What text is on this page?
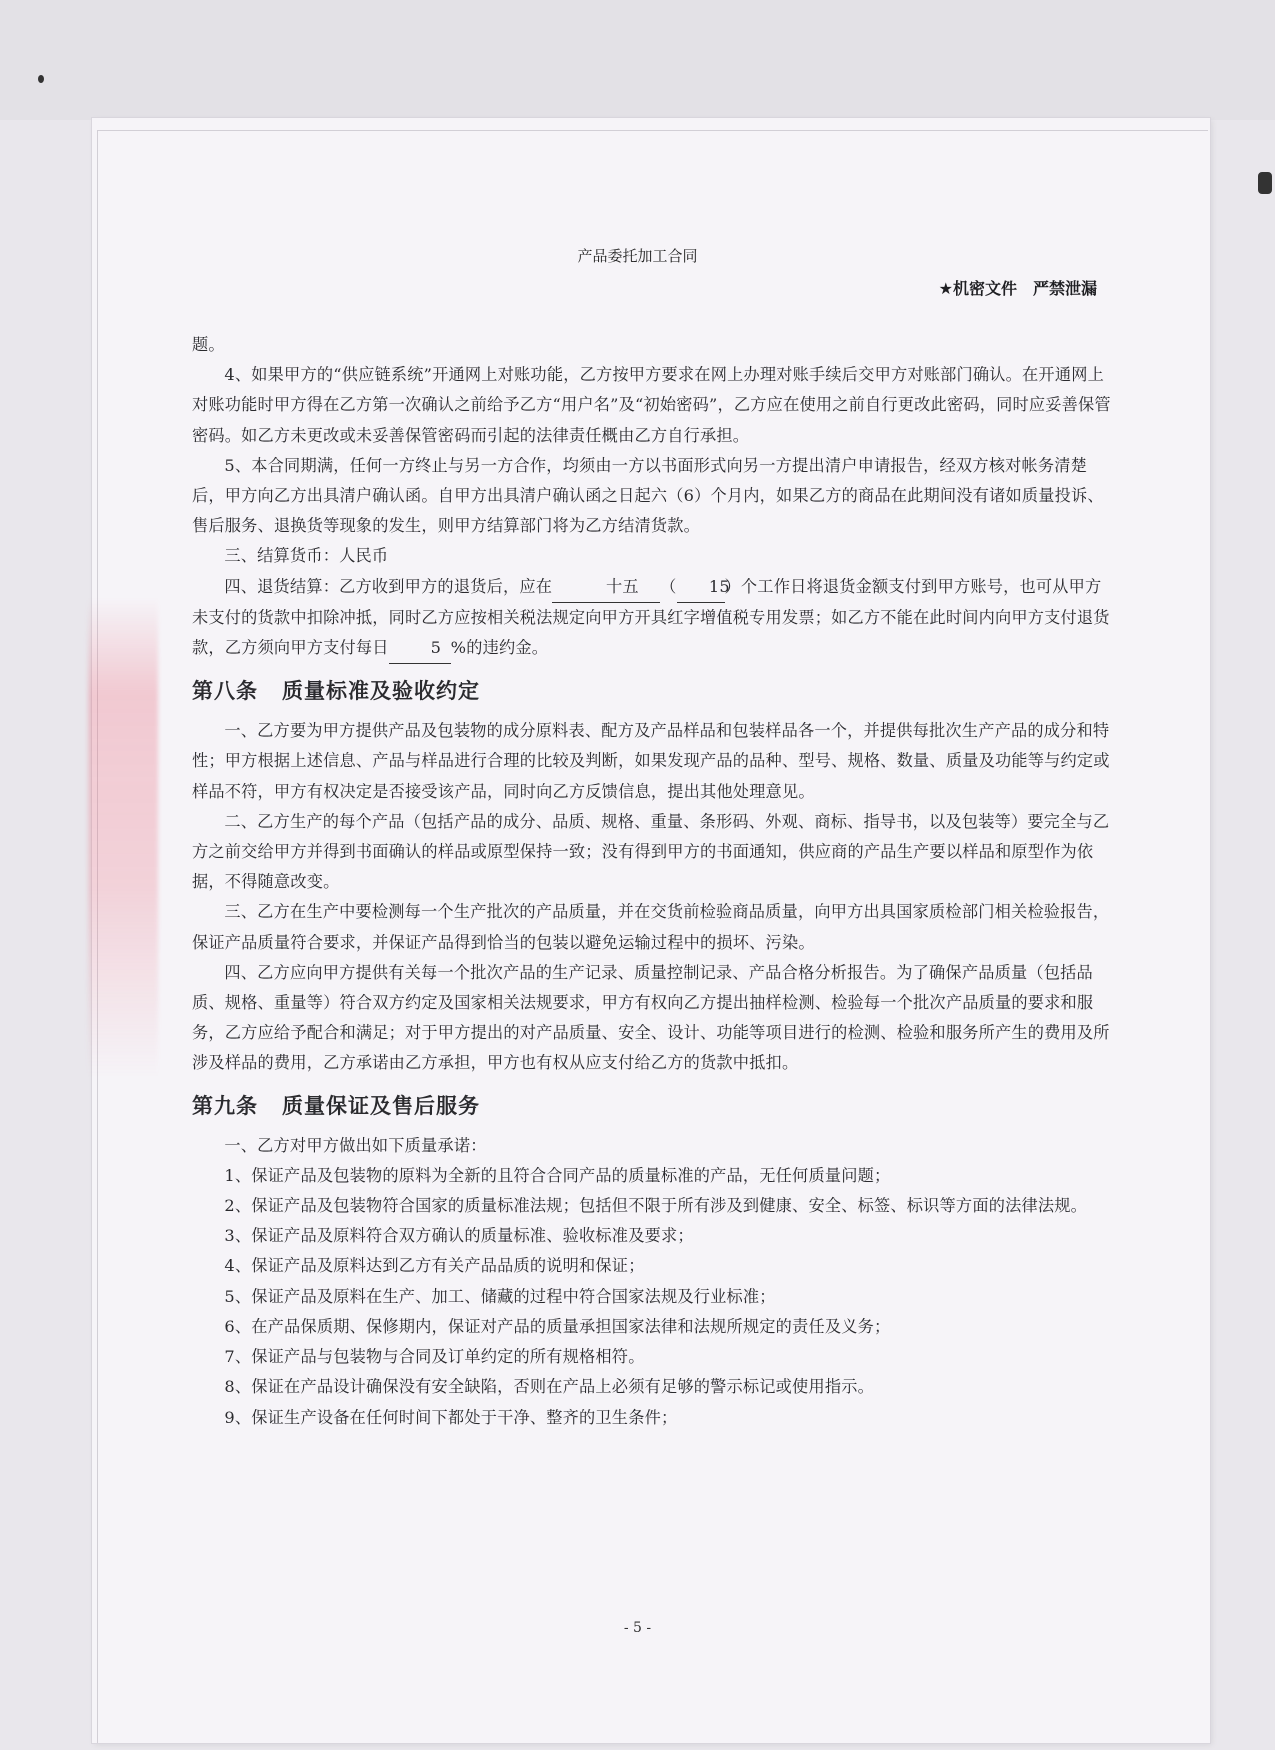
产品委托加工合同
★机密文件　严禁泄漏

题。

4、如果甲方的“供应链系统”开通网上对账功能，乙方按甲方要求在网上办理对账手续后交甲方对账部门确认。在开通网上对账功能时甲方得在乙方第一次确认之前给予乙方“用户名”及“初始密码”，乙方应在使用之前自行更改此密码，同时应妥善保管密码。如乙方未更改或未妥善保管密码而引起的法律责任概由乙方自行承担。

5、本合同期满，任何一方终止与另一方合作，均须由一方以书面形式向另一方提出清户申请报告，经双方核对帐务清楚后，甲方向乙方出具清户确认函。自甲方出具清户确认函之日起六（6）个月内，如果乙方的商品在此期间没有诸如质量投诉、售后服务、退换货等现象的发生，则甲方结算部门将为乙方结清货款。

三、结算货币：人民币

四、退货结算：乙方收到甲方的退货后，应在	十五 （ 15）个工作日将退货金额支付到甲方账号，也可从甲方未支付的货款中扣除冲抵，同时乙方应按相关税法规定向甲方开具红字增值税专用发票；如乙方不能在此时间内向甲方支付退货款，乙方须向甲方支付每日	5 %的违约金。

第八条 质量标准及验收约定

一、乙方要为甲方提供产品及包装物的成分原料表、配方及产品样品和包装样品各一个，并提供每批次生产产品的成分和特性；甲方根据上述信息、产品与样品进行合理的比较及判断，如果发现产品的品种、型号、规格、数量、质量及功能等与约定或样品不符，甲方有权决定是否接受该产品，同时向乙方反馈信息，提出其他处理意见。

二、乙方生产的每个产品（包括产品的成分、品质、规格、重量、条形码、外观、商标、指导书，以及包装等）要完全与乙方之前交给甲方并得到书面确认的样品或原型保持一致；没有得到甲方的书面通知，供应商的产品生产要以样品和原型作为依据，不得随意改变。

三、乙方在生产中要检测每一个生产批次的产品质量，并在交货前检验商品质量，向甲方出具国家质检部门相关检验报告，保证产品质量符合要求，并保证产品得到恰当的包装以避免运输过程中的损坏、污染。

四、乙方应向甲方提供有关每一个批次产品的生产记录、质量控制记录、产品合格分析报告。为了确保产品质量（包括品质、规格、重量等）符合双方约定及国家相关法规要求，甲方有权向乙方提出抽样检测、检验每一个批次产品质量的要求和服务，乙方应给予配合和满足；对于甲方提出的对产品质量、安全、设计、功能等项目进行的检测、检验和服务所产生的费用及所涉及样品的费用，乙方承诺由乙方承担，甲方也有权从应支付给乙方的货款中抵扣。

第九条 质量保证及售后服务

一、乙方对甲方做出如下质量承诺：

1、保证产品及包装物的原料为全新的且符合合同产品的质量标准的产品，无任何质量问题；

2、保证产品及包装物符合国家的质量标准法规；包括但不限于所有涉及到健康、安全、标签、标识等方面的法律法规。

3、保证产品及原料符合双方确认的质量标准、验收标准及要求；

4、保证产品及原料达到乙方有关产品品质的说明和保证；

5、保证产品及原料在生产、加工、储藏的过程中符合国家法规及行业标准；

6、在产品保质期、保修期内，保证对产品的质量承担国家法律和法规所规定的责任及义务；

7、保证产品与包装物与合同及订单约定的所有规格相符。

8、保证在产品设计确保没有安全缺陷，否则在产品上必须有足够的警示标记或使用指示。

9、保证生产设备在任何时间下都处于干净、整齐的卫生条件；

- 5 -
